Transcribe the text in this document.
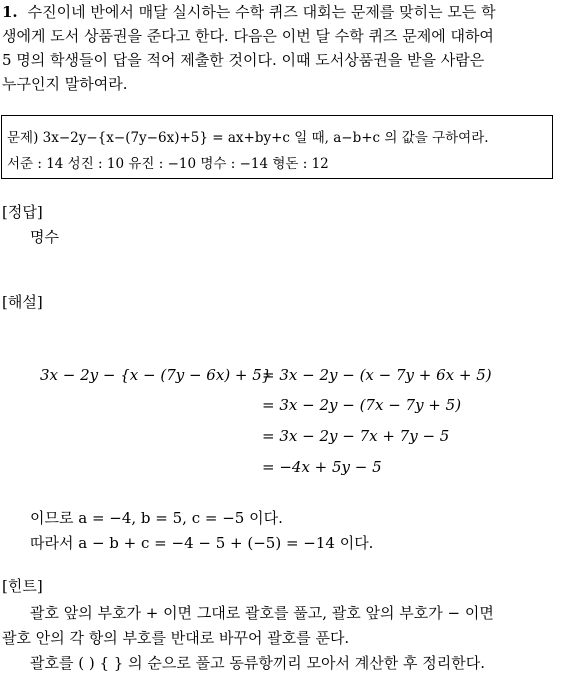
1. 수진이네 반에서 매달 실시하는 수학 퀴즈 대회는 문제를 맞히는 모든 학
생에게 도서 상품권을 준다고 한다. 다음은 이번 달 수학 퀴즈 문제에 대하여
5 명의 학생들이 답을 적어 제출한 것이다. 이때 도서상품권을 받을 사람은
누구인지 말하여라.
문제) 3x−2y−{x−(7y−6x)+5} = ax+by+c 일 때, a−b+c 의 값을 구하여라.
서준 : 14 성진 : 10 유진 : −10 명수 : −14 형돈 : 12
[정답]
명수
[해설]
3x − 2y − {x − (7y − 6x) + 5}
= 3x − 2y − (x − 7y + 6x + 5)
= 3x − 2y − (7x − 7y + 5)
= 3x − 2y − 7x + 7y − 5
= −4x + 5y − 5
이므로 a = −4, b = 5, c = −5 이다.
따라서 a − b + c = −4 − 5 + (−5) = −14 이다.
[힌트]
괄호 앞의 부호가 + 이면 그대로 괄호를 풀고, 괄호 앞의 부호가 − 이면
괄호 안의 각 항의 부호를 반대로 바꾸어 괄호를 푼다.
괄호를 ( ) { } 의 순으로 풀고 동류항끼리 모아서 계산한 후 정리한다.
